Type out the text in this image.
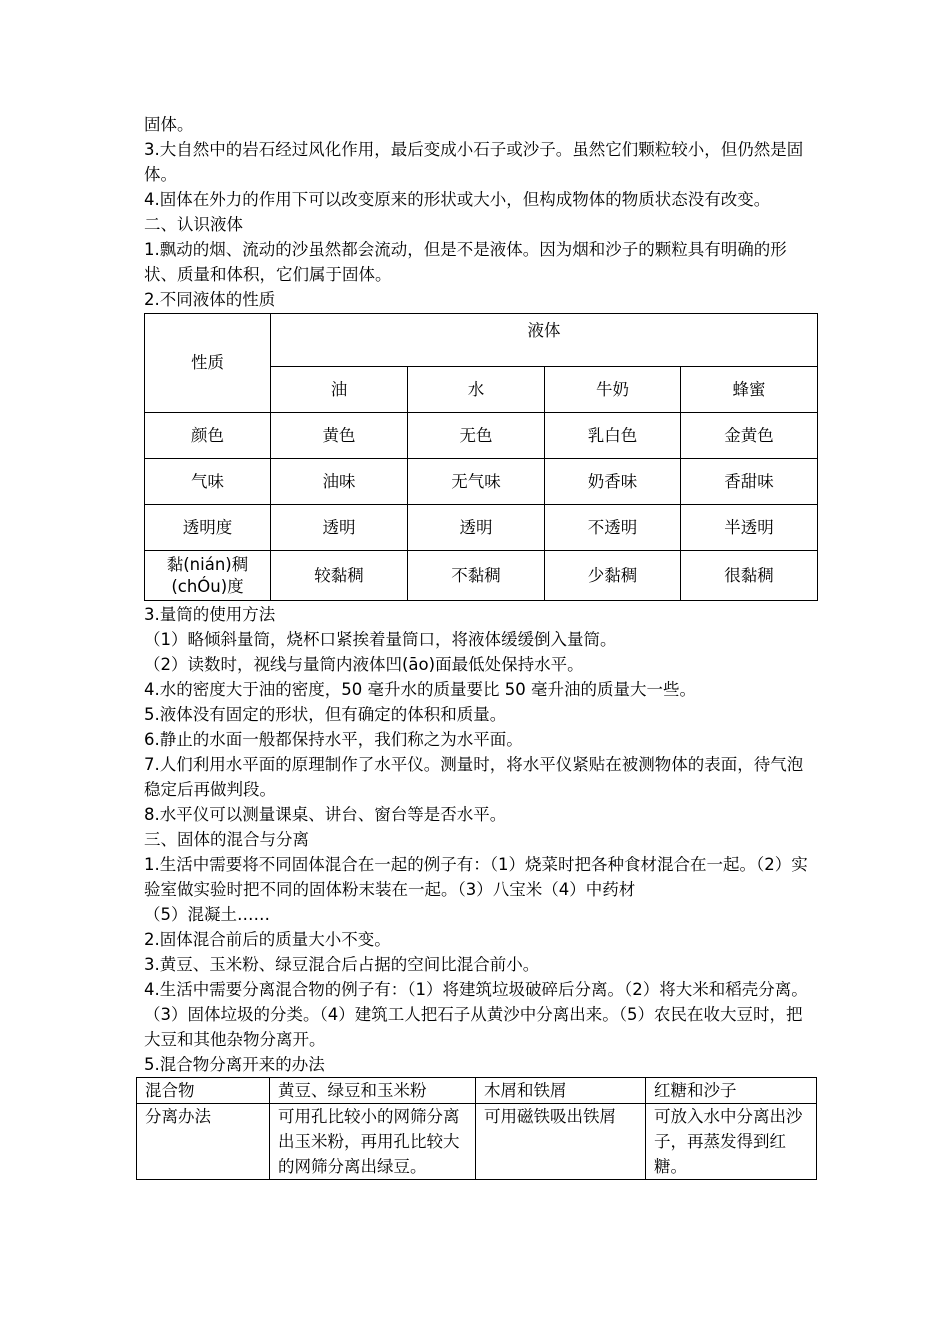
固体。

3.大自然中的岩石经过风化作用，最后变成小石子或沙子。虽然它们颗粒较小，但仍然是固体。

4.固体在外力的作用下可以改变原来的形状或大小，但构成物体的物质状态没有改变。

二、认识液体

1.飘动的烟、流动的沙虽然都会流动，但是不是液体。因为烟和沙子的颗粒具有明确的形状、质量和体积，它们属于固体。

2.不同液体的性质

性质	液体			
	油	水	牛奶	蜂蜜
颜色	黄色	无色	乳白色	金黄色
气味	油味	无气味	奶香味	香甜味
透明度	透明	透明	不透明	半透明

黏(nián)稠
(chÓu)度	较黏稠	不黏稠	少黏稠	很黏稠

3.量筒的使用方法

（1）略倾斜量筒，烧杯口紧挨着量筒口，将液体缓缓倒入量筒。

（2）读数时，视线与量筒内液体凹(āo)面最低处保持水平。

4.水的密度大于油的密度，50 毫升水的质量要比 50 毫升油的质量大一些。

5.液体没有固定的形状，但有确定的体积和质量。

6.静止的水面一般都保持水平，我们称之为水平面。

7.人们利用水平面的原理制作了水平仪。测量时，将水平仪紧贴在被测物体的表面，待气泡稳定后再做判段。

8.水平仪可以测量课桌、讲台、窗台等是否水平。

三、固体的混合与分离

1.生活中需要将不同固体混合在一起的例子有：（1）烧菜时把各种食材混合在一起。（2）实验室做实验时把不同的固体粉末装在一起。（3）八宝米（4）中药材

（5）混凝土……

2.固体混合前后的质量大小不变。

3.黄豆、玉米粉、绿豆混合后占据的空间比混合前小。

4.生活中需要分离混合物的例子有：（1）将建筑垃圾破碎后分离。（2）将大米和稻壳分离。（3）固体垃圾的分类。（4）建筑工人把石子从黄沙中分离出来。（5）农民在收大豆时，把大豆和其他杂物分离开。

5.混合物分离开来的办法

混合物	黄豆、绿豆和玉米粉	木屑和铁屑	红糖和沙子
分离办法	可用孔比较小的网筛分离出玉米粉，再用孔比较大的网筛分离出绿豆。	可用磁铁吸出铁屑	可放入水中分离出沙子，再蒸发得到红糖。
